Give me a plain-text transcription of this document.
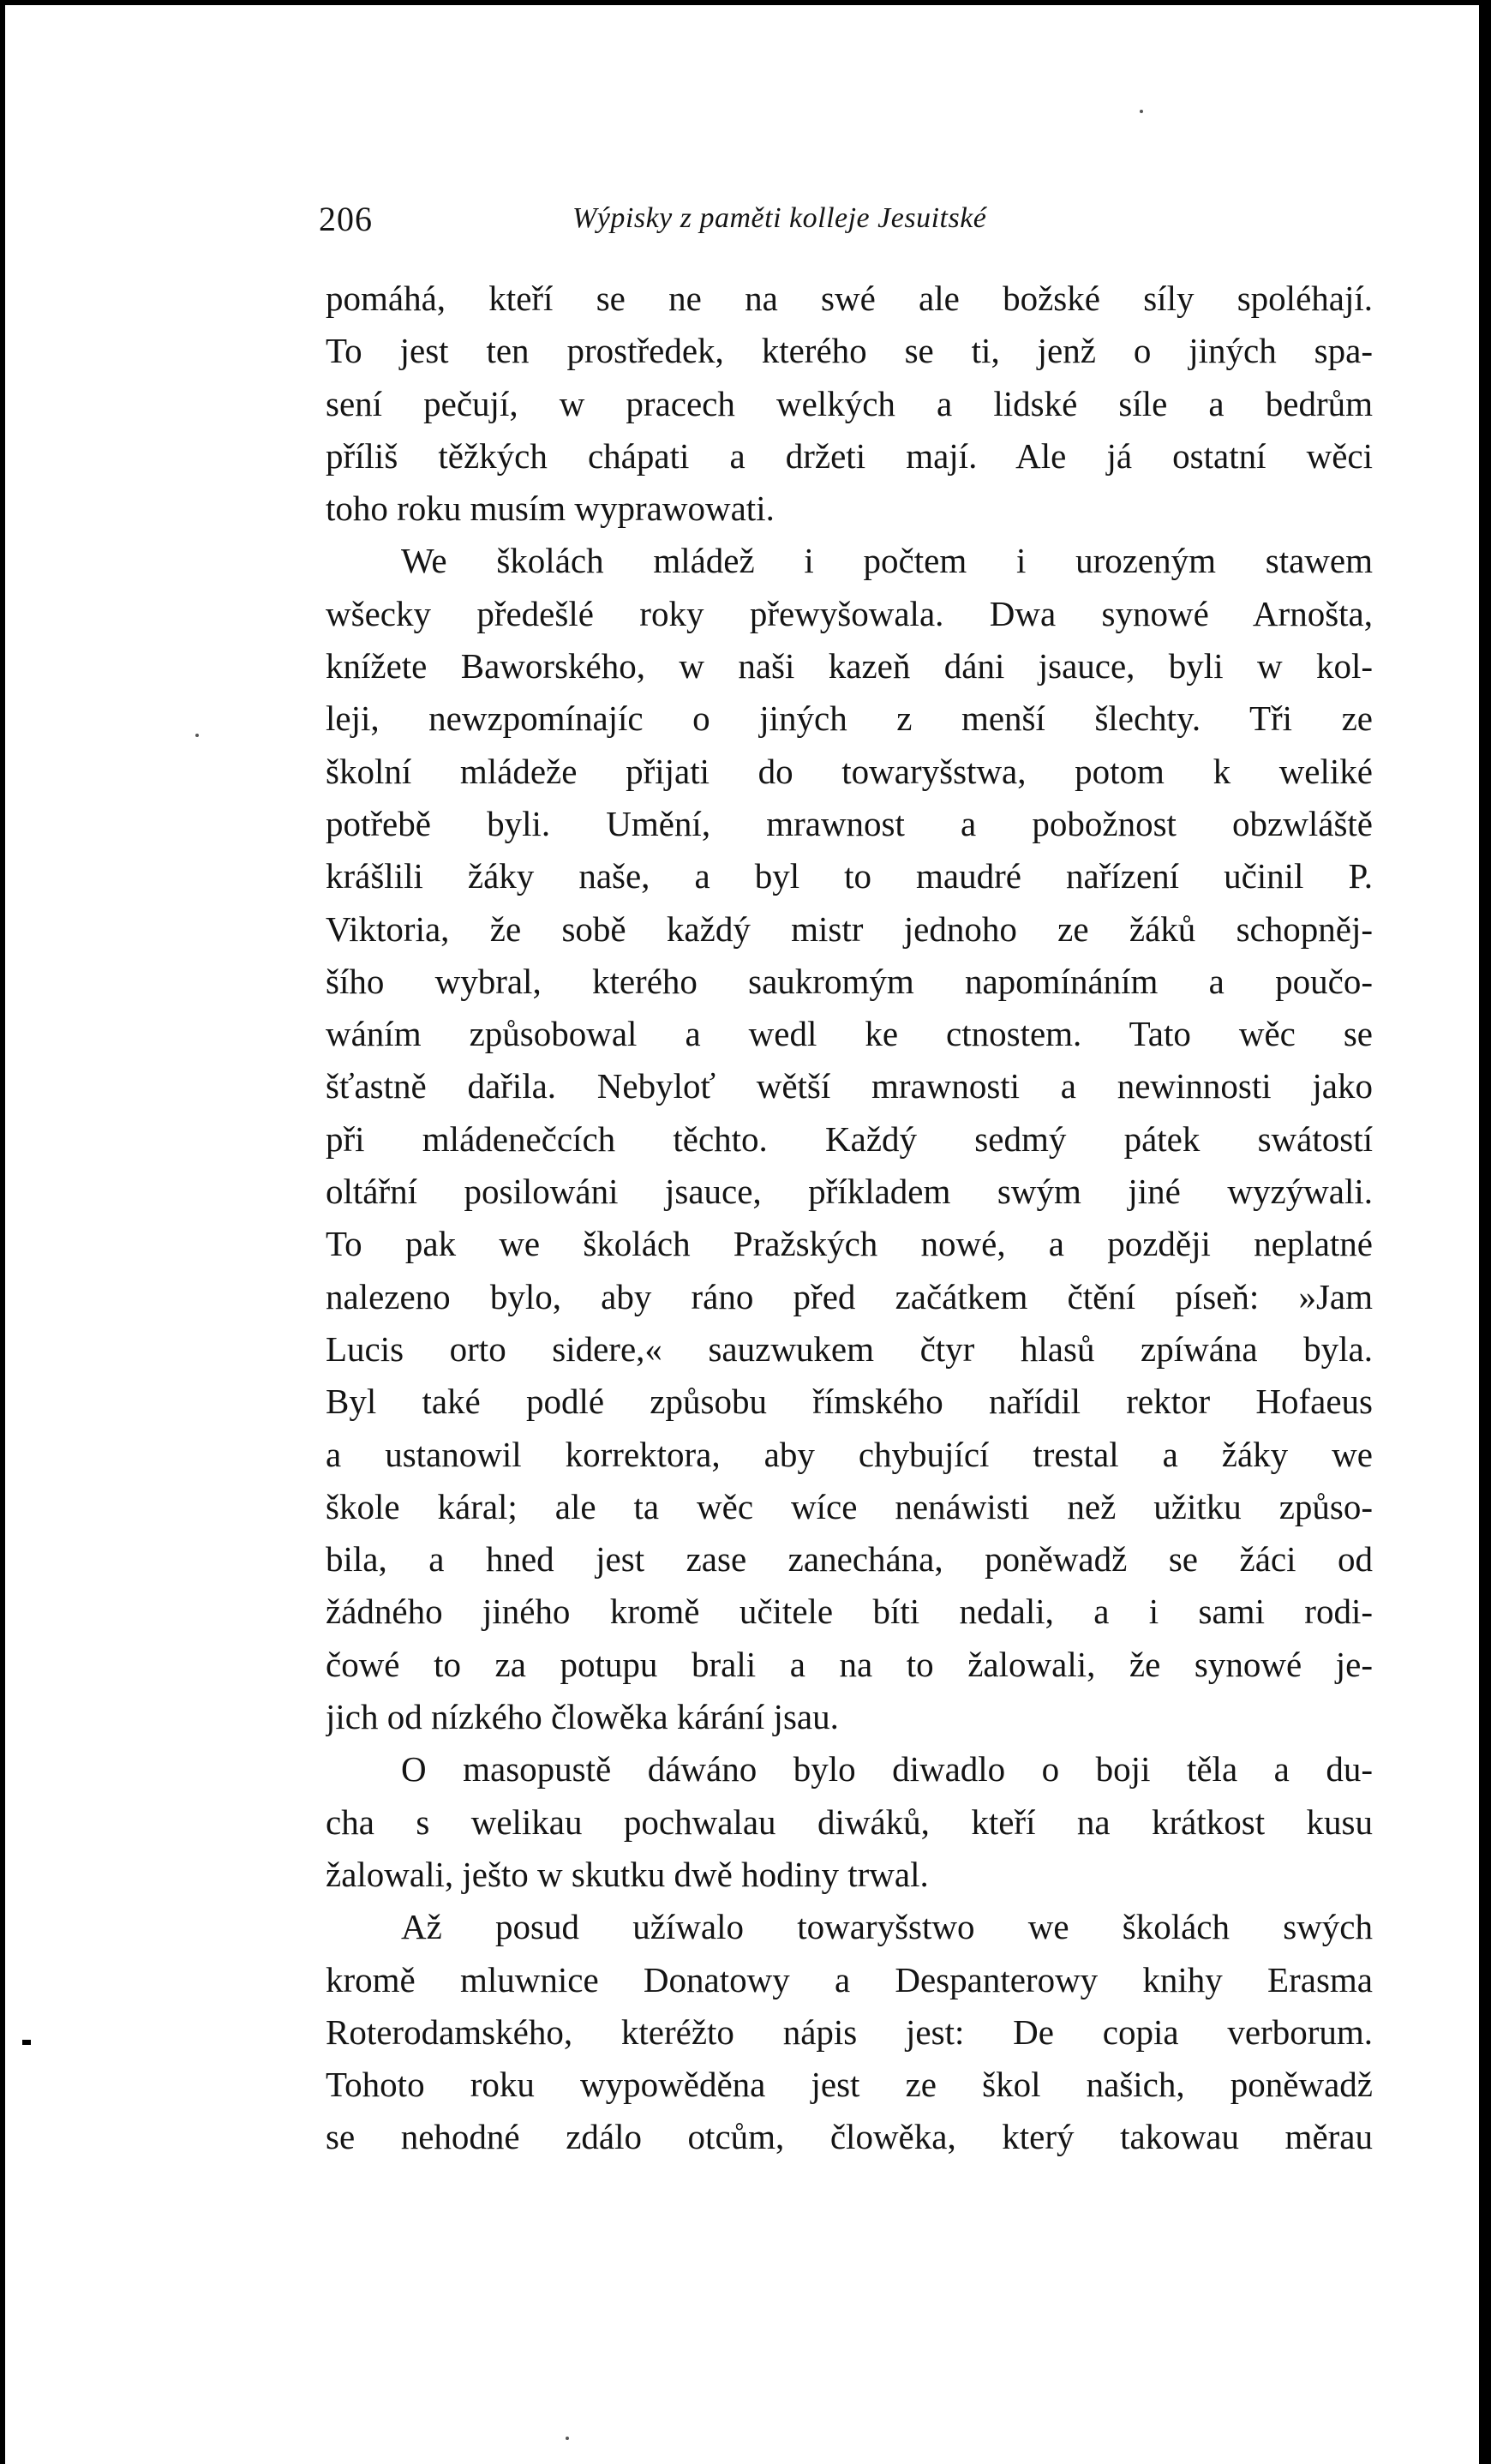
206	Wýpisky z paměti kolleje Jesuitské
pomáhá, kteří se ne na swé ale božské síly spoléhají.
To jest ten prostředek, kterého se ti, jenž o jiných spa-
sení pečují, w pracech welkých a lidské síle a bedrům
příliš těžkých chápati a držeti mají. Ale já ostatní wěci
toho roku musím wyprawowati.
We školách mládež i počtem i urozeným stawem
wšecky předešlé roky přewyšowala. Dwa synowé Arnošta,
knížete Baworského, w naši kazeň dáni jsauce, byli w kol-
leji, newzpomínajíc o jiných z menší šlechty. Tři ze
školní mládeže přijati do towaryšstwa, potom k weliké
potřebě byli. Umění, mrawnost a pobožnost obzwláště
krášlili žáky naše, a byl to maudré nařízení učinil P.
Viktoria, že sobě každý mistr jednoho ze žáků schopněj-
šího wybral, kterého saukromým napomínáním a poučo-
wáním způsobowal a wedl ke ctnostem. Tato wěc se
šťastně dařila. Nebyloť wětší mrawnosti a newinnosti jako
při mládenečcích těchto. Každý sedmý pátek swátostí
oltářní posilowáni jsauce, příkladem swým jiné wyzýwali.
To pak we školách Pražských nowé, a později neplatné
nalezeno bylo, aby ráno před začátkem čtění píseň: »Jam
Lucis orto sidere,« sauzwukem čtyr hlasů zpíwána byla.
Byl také podlé způsobu římského nařídil rektor Hofaeus
a ustanowil korrektora, aby chybující trestal a žáky we
škole káral; ale ta wěc wíce nenáwisti než užitku způso-
bila, a hned jest zase zanechána, poněwadž se žáci od
žádného jiného kromě učitele bíti nedali, a i sami rodi-
čowé to za potupu brali a na to žalowali, že synowé je-
jich od nízkého člowěka kárání jsau.
O masopustě dáwáno bylo diwadlo o boji těla a du-
cha s welikau pochwalau diwáků, kteří na krátkost kusu
žalowali, ješto w skutku dwě hodiny trwal.
Až posud užíwalo towaryšstwo we školách swých
kromě mluwnice Donatowy a Despanterowy knihy Erasma
Roterodamského, kteréžto nápis jest: De copia verborum.
Tohoto roku wypowěděna jest ze škol našich, poněwadž
se nehodné zdálo otcům, člowěka, který takowau měrau
